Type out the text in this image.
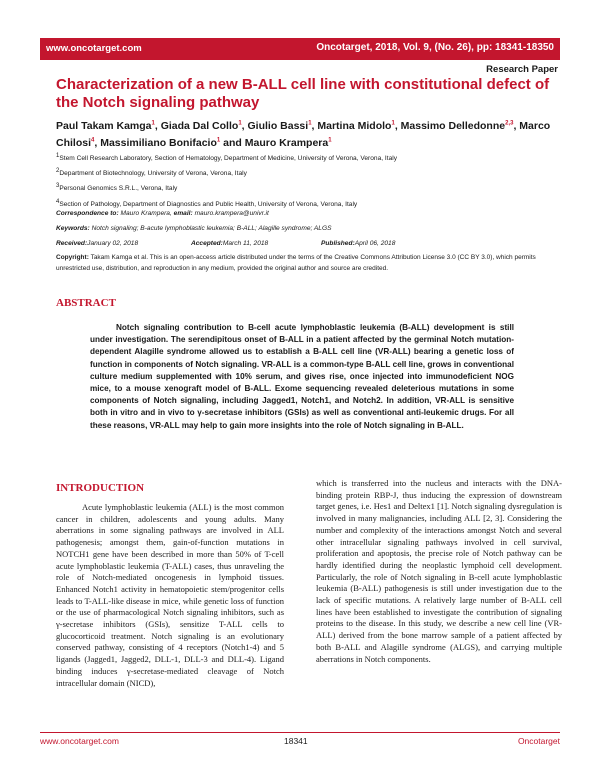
www.oncotarget.com	Oncotarget, 2018, Vol. 9, (No. 26), pp: 18341-18350
Research Paper
Characterization of a new B-ALL cell line with constitutional defect of the Notch signaling pathway
Paul Takam Kamga$^1$, Giada Dal Collo$^1$, Giulio Bassi$^1$, Martina Midolo$^1$, Massimo Delledonne$^{2,3}$, Marco Chilosi$^4$, Massimiliano Bonifacio$^1$ and Mauro Krampera$^1$
$^1$Stem Cell Research Laboratory, Section of Hematology, Department of Medicine, University of Verona, Verona, Italy
$^2$Department of Biotechnology, University of Verona, Verona, Italy
$^3$Personal Genomics S.R.L., Verona, Italy
$^4$Section of Pathology, Department of Diagnostics and Public Health, University of Verona, Verona, Italy
Correspondence to: Mauro Krampera, email: mauro.krampera@univr.it
Keywords: Notch signaling; B-acute lymphoblastic leukemia; B-ALL; Alagille syndrome; ALGS
Received: January 02, 2018	Accepted: March 11, 2018	Published: April 06, 2018
Copyright: Takam Kamga et al. This is an open-access article distributed under the terms of the Creative Commons Attribution License 3.0 (CC BY 3.0), which permits unrestricted use, distribution, and reproduction in any medium, provided the original author and source are credited.
ABSTRACT

Notch signaling contribution to B-cell acute lymphoblastic leukemia (B-ALL) development is still under investigation. The serendipitous onset of B-ALL in a patient affected by the germinal Notch mutation-dependent Alagille syndrome allowed us to establish a B-ALL cell line (VR-ALL) bearing a genetic loss of function in components of Notch signaling. VR-ALL is a common-type B-ALL cell line, grows in conventional culture medium supplemented with 10% serum, and gives rise, once injected into immunodeficient NOG mice, to a mouse xenograft model of B-ALL. Exome sequencing revealed deleterious mutations in some components of Notch signaling, including Jagged1, Notch1, and Notch2. In addition, VR-ALL is sensitive both in vitro and in vivo to γ-secretase inhibitors (GSIs) as well as conventional anti-leukemic drugs. For all these reasons, VR-ALL may help to gain more insights into the role of Notch signaling in B-ALL.

INTRODUCTION

Acute lymphoblastic leukemia (ALL) is the most common cancer in children, adolescents and young adults. Many aberrations in some signaling pathways are involved in ALL pathogenesis; amongst them, gain-of-function mutations in NOTCH1 gene have been described in more than 50% of T-cell acute lymphoblastic leukemia (T-ALL) cases, thus unraveling the role of Notch-mediated oncogenesis in lymphoid tissues. Enhanced Notch1 activity in hematopoietic stem/progenitor cells leads to T-ALL-like disease in mice, while genetic loss of function or the use of pharmacological Notch signaling inhibitors, such as γ-secretase inhibitors (GSIs), sensitize T-ALL cells to glucocorticoid treatment. Notch signaling is an evolutionary conserved pathway, consisting of 4 receptors (Notch1-4) and 5 ligands (Jagged1, Jagged2, DLL-1, DLL-3 and DLL-4). Ligand binding induces γ-secretase-mediated cleavage of Notch intracellular domain (NICD),

which is transferred into the nucleus and interacts with the DNA-binding protein RBP-J, thus inducing the expression of downstream target genes, i.e. Hes1 and Deltex1 [1]. Notch signaling dysregulation is involved in many malignancies, including ALL [2, 3]. Considering the number and complexity of the interactions amongst Notch and several other intracellular signaling pathways involved in cell survival, proliferation and apoptosis, the precise role of Notch pathway can be hardly identified during the neoplastic lymphoid cell development. Particularly, the role of Notch signaling in B-cell acute lymphoblastic leukemia (B-ALL) pathogenesis is still under investigation due to the lack of specific mutations. A relatively large number of B-ALL cell lines have been established to investigate the contribution of signaling proteins to the disease. In this study, we describe a new cell line (VR-ALL) derived from the bone marrow sample of a patient affected by both B-ALL and Alagille syndrome (ALGS), and carrying multiple aberrations in Notch components.

www.oncotarget.com	18341	Oncotarget
